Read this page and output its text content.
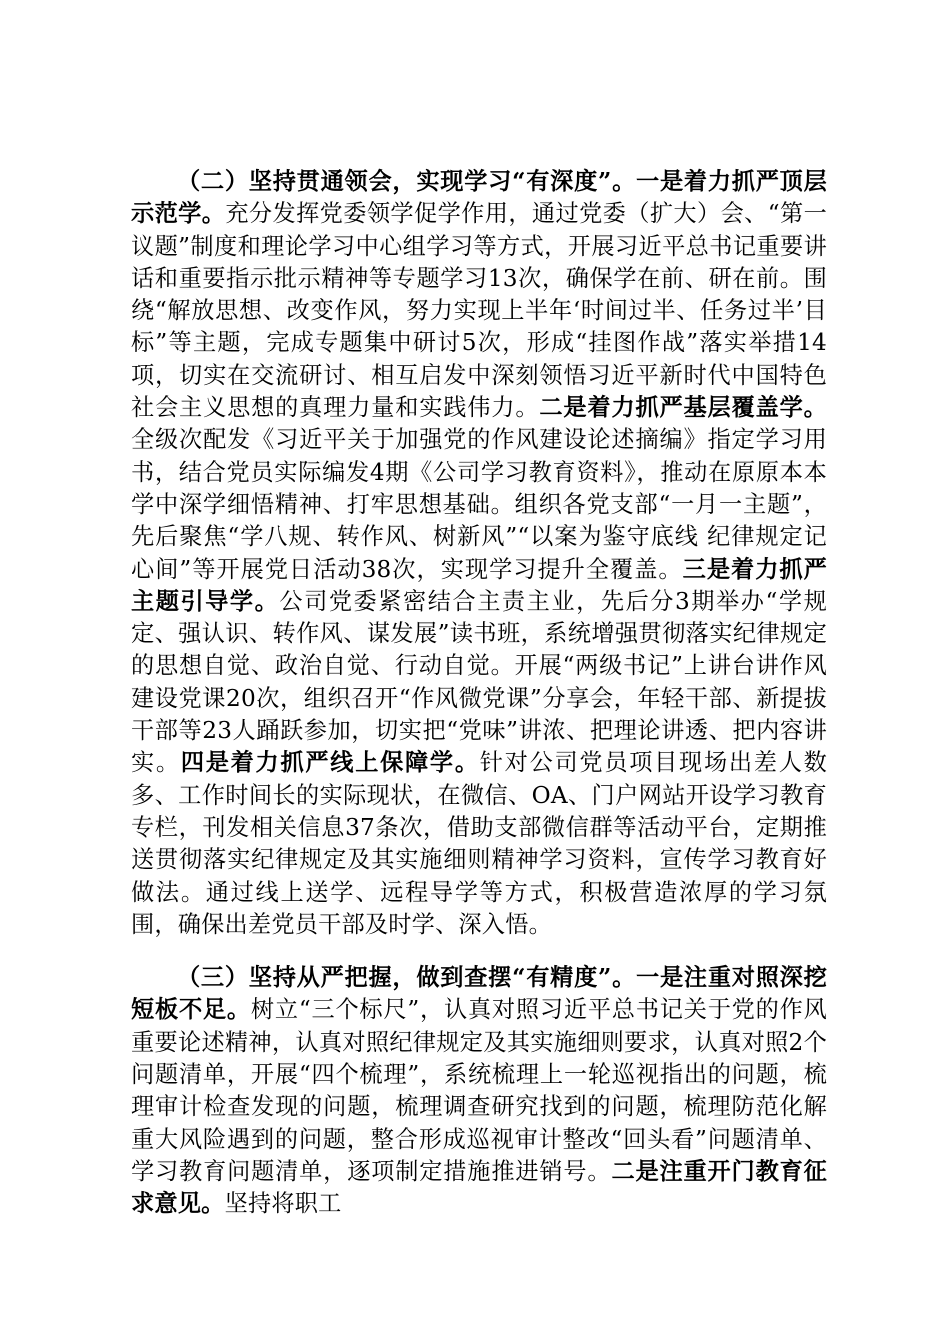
（二）坚持贯通领会，实现学习“有深度”。一是着力抓严顶层示范学。充分发挥党委领学促学作用，通过党委（扩大）会、“第一议题”制度和理论学习中心组学习等方式，开展习近平总书记重要讲话和重要指示批示精神等专题学习13次，确保学在前、研在前。围绕“解放思想、改变作风，努力实现上半年‘时间过半、任务过半’目标”等主题，完成专题集中研讨5次，形成“挂图作战”落实举措14项，切实在交流研讨、相互启发中深刻领悟习近平新时代中国特色社会主义思想的真理力量和实践伟力。二是着力抓严基层覆盖学。全级次配发《习近平关于加强党的作风建设论述摘编》指定学习用书，结合党员实际编发4期《公司学习教育资料》，推动在原原本本学中深学细悟精神、打牢思想基础。组织各党支部“一月一主题”，先后聚焦“学八规、转作风、树新风”“以案为鉴守底线 纪律规定记心间”等开展党日活动38次，实现学习提升全覆盖。三是着力抓严主题引导学。公司党委紧密结合主责主业，先后分3期举办“学规定、强认识、转作风、谋发展”读书班，系统增强贯彻落实纪律规定的思想自觉、政治自觉、行动自觉。开展“两级书记”上讲台讲作风建设党课20次，组织召开“作风微党课”分享会，年轻干部、新提拔干部等23人踊跃参加，切实把“党味”讲浓、把理论讲透、把内容讲实。四是着力抓严线上保障学。针对公司党员项目现场出差人数多、工作时间长的实际现状，在微信、OA、门户网站开设学习教育专栏，刊发相关信息37条次，借助支部微信群等活动平台，定期推送贯彻落实纪律规定及其实施细则精神学习资料，宣传学习教育好做法。通过线上送学、远程导学等方式，积极营造浓厚的学习氛围，确保出差党员干部及时学、深入悟。

（三）坚持从严把握，做到查摆“有精度”。一是注重对照深挖短板不足。树立“三个标尺”，认真对照习近平总书记关于党的作风重要论述精神，认真对照纪律规定及其实施细则要求，认真对照2个问题清单，开展“四个梳理”，系统梳理上一轮巡视指出的问题，梳理审计检查发现的问题，梳理调查研究找到的问题，梳理防范化解重大风险遇到的问题，整合形成巡视审计整改“回头看”问题清单、学习教育问题清单，逐项制定措施推进销号。二是注重开门教育征求意见。坚持将职工
